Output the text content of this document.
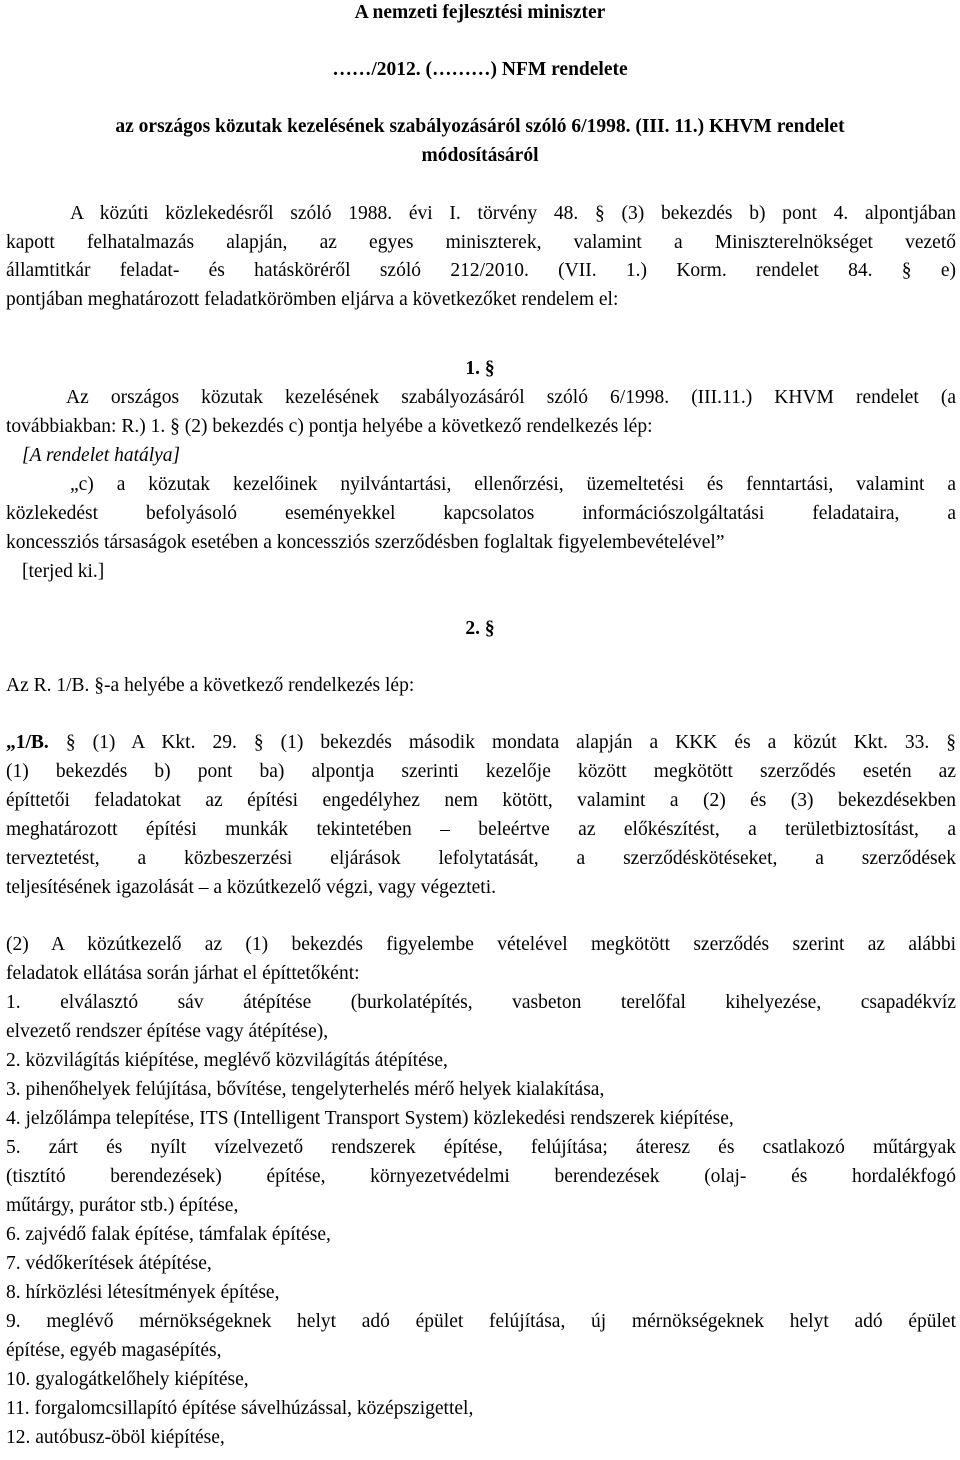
A nemzeti fejlesztési miniszter
……/2012. (………) NFM rendelete
az országos közutak kezelésének szabályozásáról szóló 6/1998. (III. 11.) KHVM rendelet
módosításáról
A közúti közlekedésről szóló 1988. évi I. törvény 48. § (3) bekezdés b) pont 4. alpontjában
kapott felhatalmazás alapján, az egyes miniszterek, valamint a Miniszterelnökséget vezető
államtitkár feladat- és hatásköréről szóló 212/2010. (VII. 1.) Korm. rendelet 84. § e)
pontjában meghatározott feladatkörömben eljárva a következőket rendelem el:
1. §
Az országos közutak kezelésének szabályozásáról szóló 6/1998. (III.11.) KHVM rendelet (a
továbbiakban: R.) 1. § (2) bekezdés c) pontja helyébe a következő rendelkezés lép:
[A rendelet hatálya]
„c) a közutak kezelőinek nyilvántartási, ellenőrzési, üzemeltetési és fenntartási, valamint a
közlekedést befolyásoló eseményekkel kapcsolatos információszolgáltatási feladataira, a
koncessziós társaságok esetében a koncessziós szerződésben foglaltak figyelembevételével”
[terjed ki.]
2. §
Az R. 1/B. §-a helyébe a következő rendelkezés lép:
„1/B. § (1) A Kkt. 29. § (1) bekezdés második mondata alapján a KKK és a közút Kkt. 33. §
(1) bekezdés b) pont ba) alpontja szerinti kezelője között megkötött szerződés esetén az
építtetői feladatokat az építési engedélyhez nem kötött, valamint a (2) és (3) bekezdésekben
meghatározott építési munkák tekintetében – beleértve az előkészítést, a területbiztosítást, a
terveztetést, a közbeszerzési eljárások lefolytatását, a szerződéskötéseket, a szerződések
teljesítésének igazolását – a közútkezelő végzi, vagy végezteti.
(2) A közútkezelő az (1) bekezdés figyelembe vételével megkötött szerződés szerint az alábbi
feladatok ellátása során járhat el építtetőként:
1. elválasztó sáv átépítése (burkolatépítés, vasbeton terelőfal kihelyezése, csapadékvíz
elvezető rendszer építése vagy átépítése),
2. közvilágítás kiépítése, meglévő közvilágítás átépítése,
3. pihenőhelyek felújítása, bővítése, tengelyterhelés mérő helyek kialakítása,
4. jelzőlámpa telepítése, ITS (Intelligent Transport System) közlekedési rendszerek kiépítése,
5. zárt és nyílt vízelvezető rendszerek építése, felújítása; áteresz és csatlakozó műtárgyak
(tisztító berendezések) építése, környezetvédelmi berendezések (olaj- és hordalékfogó
műtárgy, purátor stb.) építése,
6. zajvédő falak építése, támfalak építése,
7. védőkerítések átépítése,
8. hírközlési létesítmények építése,
9. meglévő mérnökségeknek helyt adó épület felújítása, új mérnökségeknek helyt adó épület
építése, egyéb magasépítés,
10. gyalogátkelőhely kiépítése,
11. forgalomcsillapító építése sávelhúzással, középszigettel,
12. autóbusz-öböl kiépítése,
